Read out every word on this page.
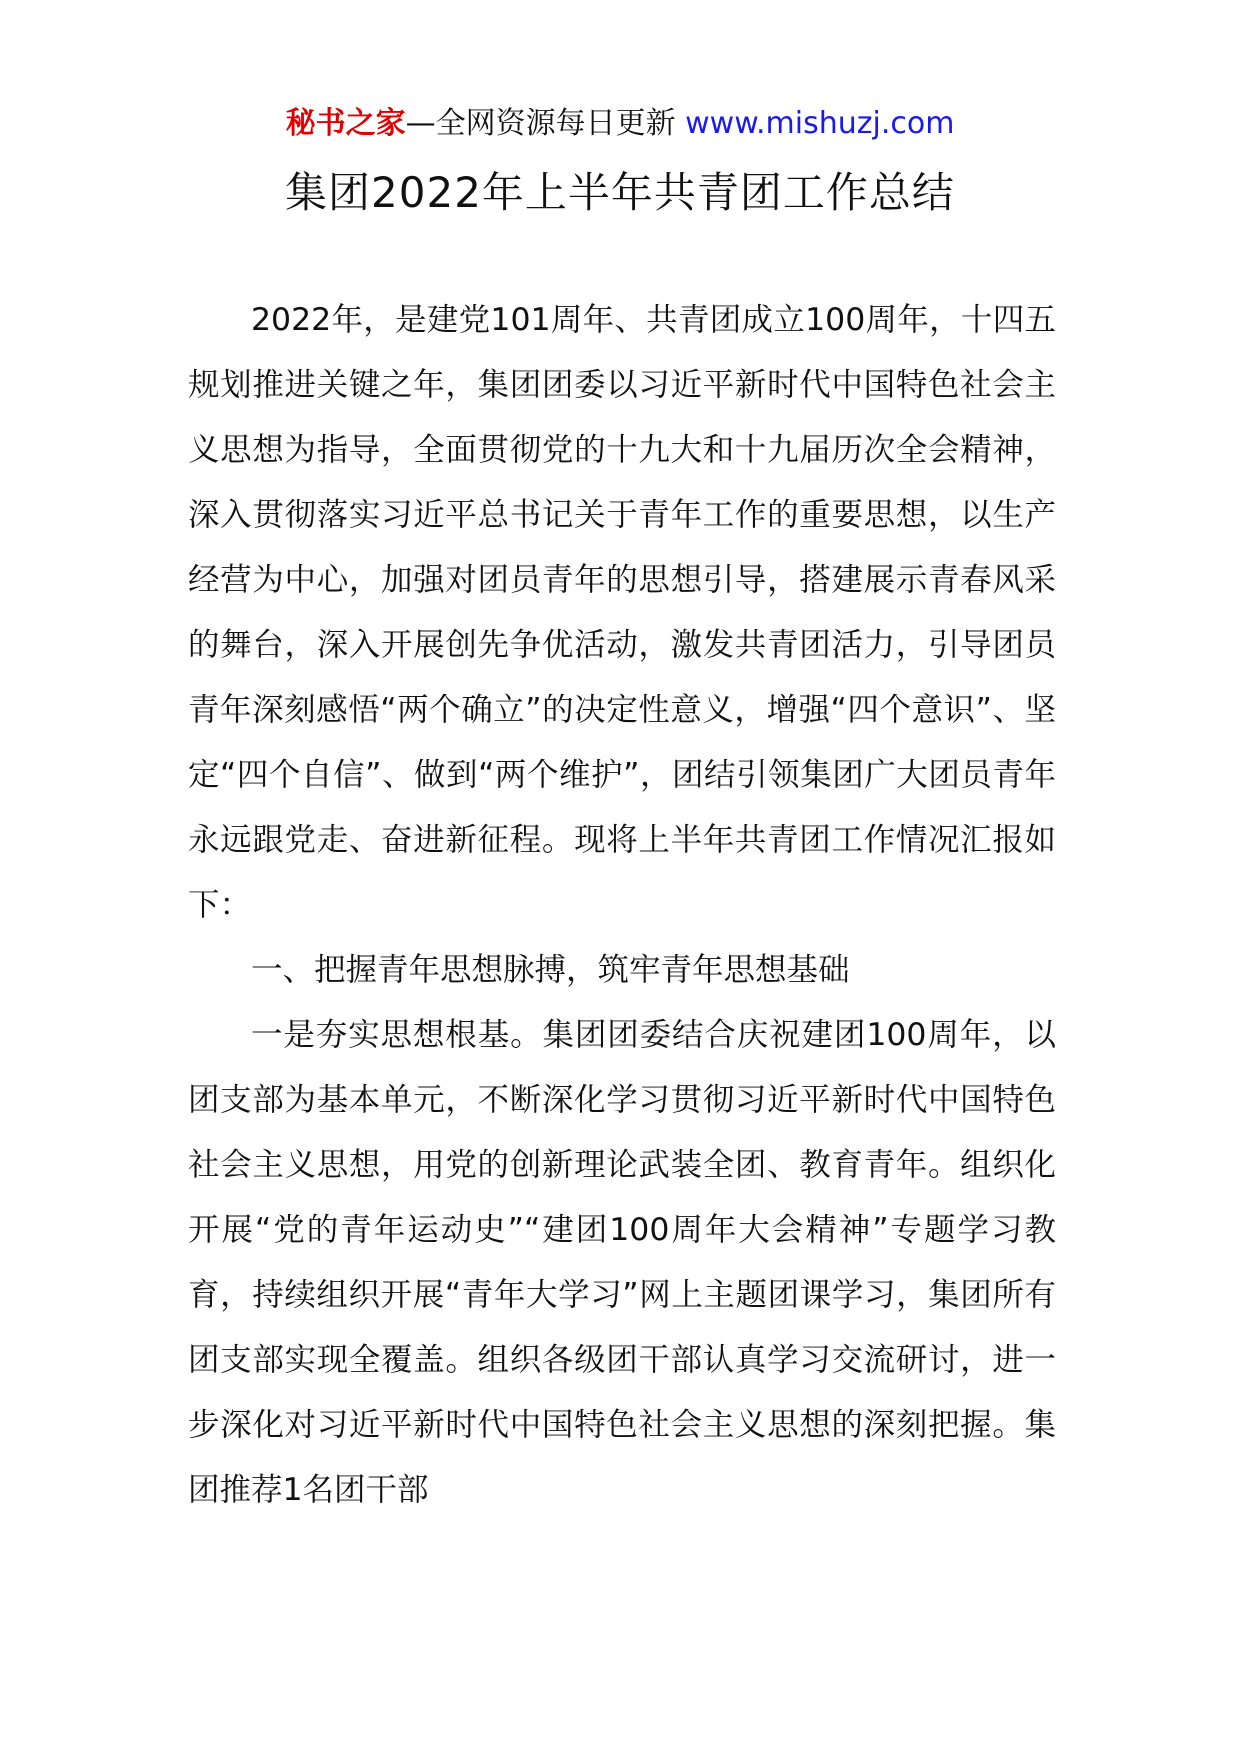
秘书之家—全网资源每日更新 www.mishuzj.com
集团2022年上半年共青团工作总结

2022年，是建党101周年、共青团成立100周年，十四五规划推进关键之年，集团团委以习近平新时代中国特色社会主义思想为指导，全面贯彻党的十九大和十九届历次全会精神，深入贯彻落实习近平总书记关于青年工作的重要思想，以生产经营为中心，加强对团员青年的思想引导，搭建展示青春风采的舞台，深入开展创先争优活动，激发共青团活力，引导团员青年深刻感悟“两个确立”的决定性意义，增强“四个意识”、坚定“四个自信”、做到“两个维护”，团结引领集团广大团员青年永远跟党走、奋进新征程。现将上半年共青团工作情况汇报如下：

一、把握青年思想脉搏，筑牢青年思想基础

一是夯实思想根基。集团团委结合庆祝建团100周年，以团支部为基本单元，不断深化学习贯彻习近平新时代中国特色社会主义思想，用党的创新理论武装全团、教育青年。组织化开展“党的青年运动史”“建团100周年大会精神”专题学习教育，持续组织开展“青年大学习”网上主题团课学习，集团所有团支部实现全覆盖。组织各级团干部认真学习交流研讨，进一步深化对习近平新时代中国特色社会主义思想的深刻把握。集团推荐1名团干部
